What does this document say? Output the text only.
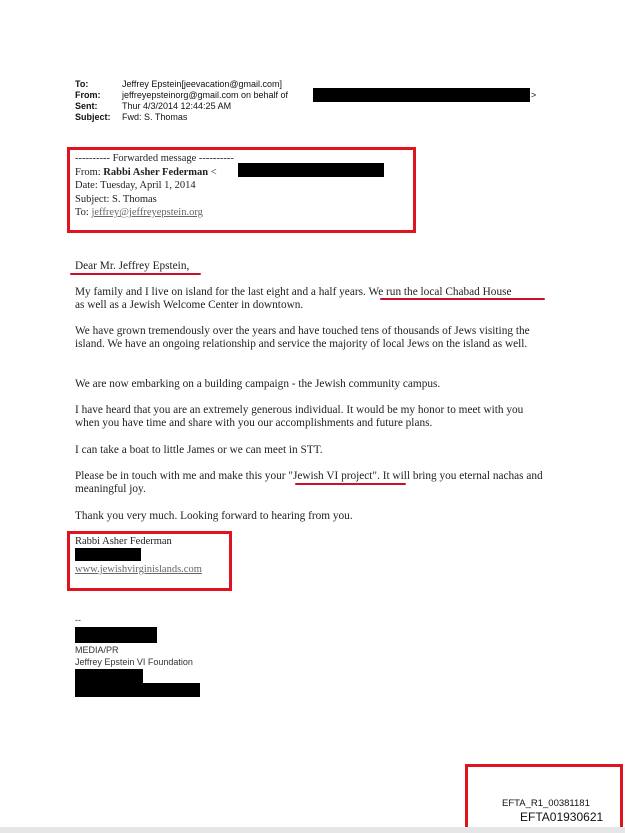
To:	Jeffrey Epstein[jeevacation@gmail.com]
From: jeffreyepsteinorg@gmail.com on behalf of	>
Sent:	Thur 4/3/2014 12:44:25 AM
Subject: Fwd: S. Thomas
---------- Forwarded message ----------
From: Rabbi Asher Federman <
Date: Tuesday, April 1, 2014
Subject: S. Thomas
To: jeffrey@jeffreyepstein.org
Dear Mr. Jeffrey Epstein,
My family and I live on island for the last eight and a half years. We run the local Chabad House
as well as a Jewish Welcome Center in downtown.
We have grown tremendously over the years and have touched tens of thousands of Jews visiting the island. We have an ongoing relationship and service the majority of local Jews on the island as well.
We are now embarking on a building campaign - the Jewish community campus.
I have heard that you are an extremely generous individual. It would be my honor to meet with you when you have time and share with you our accomplishments and future plans.
I can take a boat to little James or we can meet in STT.
Please be in touch with me and make this your "Jewish VI project". It will bring you eternal nachas and meaningful joy.
Thank you very much. Looking forward to hearing from you.
Rabbi Asher Federman
www.jewishvirginislands.com
--
MEDIA/PR
Jeffrey Epstein VI Foundation
EFTA_R1_00381181
EFTA01930621
